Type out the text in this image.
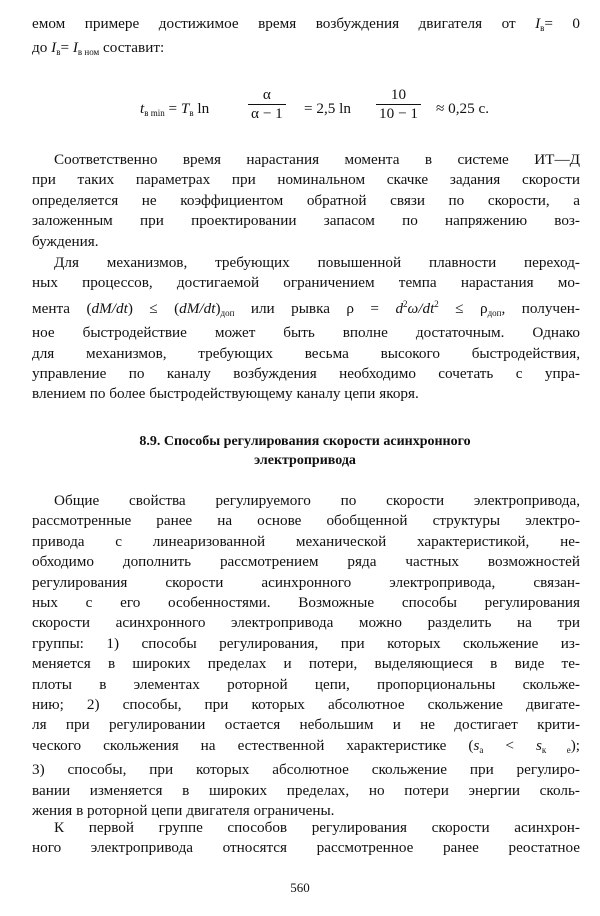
емом примере достижимое время возбуждения двигателя от $I_в= 0$
до $I_в= I_{в ном}$ составит:
$t_{в min} = T_в$ ln	$\frac{\alpha}{\alpha - 1} = 2,5$ $\ln \frac{10}{10 - 1} \approx 0,25$ с.
Соответственно время нарастания момента в системе ИТ—Д
при таких параметрах при номинальном скачке задания скорости
определяется не коэффициентом обратной связи по скорости, а
заложенным при проектировании запасом по напряжению воз-
буждения.
Для механизмов, требующих повышенной плавности переход-
ных процессов, достигаемой ограничением темпа нарастания мо-
мента $(dM/dt) \le (dM/dt)_{доп}$ или рывка $\rho = d^2\omega/dt^2 \le \rho_{доп}$, получен-
ное быстродействие может быть вполне достаточным. Однако
для механизмов, требующих весьма высокого быстродействия,
управление по каналу возбуждения необходимо сочетать с упра-
влением по более быстродействующему каналу цепи якоря.
8.9. Способы регулирования скорости асинхронного
электропривода
Общие свойства регулируемого по скорости электропривода,
рассмотренные ранее на основе обобщенной структуры электро-
привода с линеаризованной механической характеристикой, не-
обходимо дополнить рассмотрением ряда частных возможностей
регулирования скорости асинхронного электропривода, связан-
ных с его особенностями. Возможные способы регулирования
скорости асинхронного электропривода можно разделить на три
группы: 1) способы регулирования, при которых скольжение из-
меняется в широких пределах и потери, выделяющиеся в виде те-
плоты в элементах роторной цепи, пропорциональны скольже-
нию; 2) способы, при которых абсолютное скольжение двигате-
ля при регулировании остается небольшим и не достигает крити-
ческого скольжения на естественной характеристике $(s_a < s_{к е})$;
3) способы, при которых абсолютное скольжение при регулиро-
вании изменяется в широких пределах, но потери энергии сколь-
жения в роторной цепи двигателя ограничены.
К первой группе способов регулирования скорости асинхрон-
ного электропривода относятся рассмотренное ранее реостатное
560
